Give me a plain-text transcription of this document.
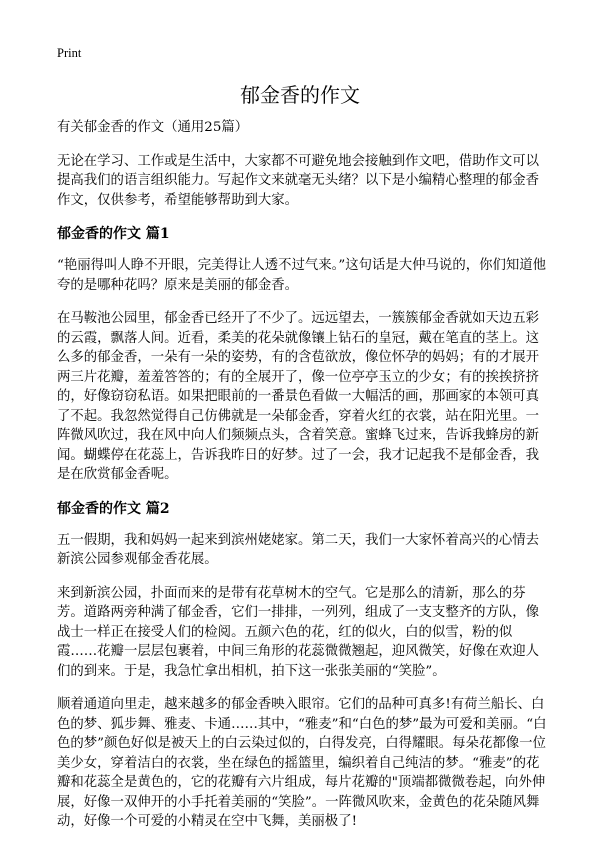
Print
郁金香的作文

有关郁金香的作文（通用25篇）

无论在学习、工作或是生活中，大家都不可避免地会接触到作文吧，借助作文可以提高我们的语言组织能力。写起作文来就毫无头绪？以下是小编精心整理的郁金香作文，仅供参考，希望能够帮助到大家。

郁金香的作文 篇1

“艳丽得叫人睁不开眼，完美得让人透不过气来。”这句话是大仲马说的，你们知道他夸的是哪种花吗？原来是美丽的郁金香。

在马鞍池公园里，郁金香已经开了不少了。远远望去，一簇簇郁金香就如天边五彩的云霞，飘落人间。近看，柔美的花朵就像镶上钻石的皇冠，戴在笔直的茎上。这么多的郁金香，一朵有一朵的姿势，有的含苞欲放，像位怀孕的妈妈；有的才展开两三片花瓣，羞羞答答的；有的全展开了，像一位亭亭玉立的少女；有的挨挨挤挤的，好像窃窃私语。如果把眼前的一番景色看做一大幅活的画，那画家的本领可真了不起。我忽然觉得自己仿佛就是一朵郁金香，穿着火红的衣裳，站在阳光里。一阵微风吹过，我在风中向人们频频点头，含着笑意。蜜蜂飞过来，告诉我蜂房的新闻。蝴蝶停在花蕊上，告诉我昨日的好梦。过了一会，我才记起我不是郁金香，我是在欣赏郁金香呢。

郁金香的作文 篇2

五一假期，我和妈妈一起来到滨州姥姥家。第二天，我们一大家怀着高兴的心情去新滨公园参观郁金香花展。

来到新滨公园，扑面而来的是带有花草树木的空气。它是那么的清新，那么的芬芳。道路两旁种满了郁金香，它们一排排，一列列，组成了一支支整齐的方队，像战士一样正在接受人们的检阅。五颜六色的花，红的似火，白的似雪，粉的似霞……花瓣一层层包裹着，中间三角形的花蕊微微翘起，迎风微笑，好像在欢迎人们的到来。于是，我急忙拿出相机，拍下这一张张美丽的“笑脸”。

顺着通道向里走，越来越多的郁金香映入眼帘。它们的品种可真多!有荷兰船长、白色的梦、狐步舞、雅麦、卡通……其中，“雅麦”和“白色的梦”最为可爱和美丽。“白色的梦”颜色好似是被天上的白云染过似的，白得发亮，白得耀眼。每朵花都像一位美少女，穿着洁白的衣裳，坐在绿色的摇篮里，编织着自己纯洁的梦。“雅麦”的花瓣和花蕊全是黄色的，它的花瓣有六片组成，每片花瓣的"顶端都微微卷起，向外伸展，好像一双伸开的小手托着美丽的“笑脸”。一阵微风吹来，金黄色的花朵随风舞动，好像一个可爱的小精灵在空中飞舞，美丽极了!
